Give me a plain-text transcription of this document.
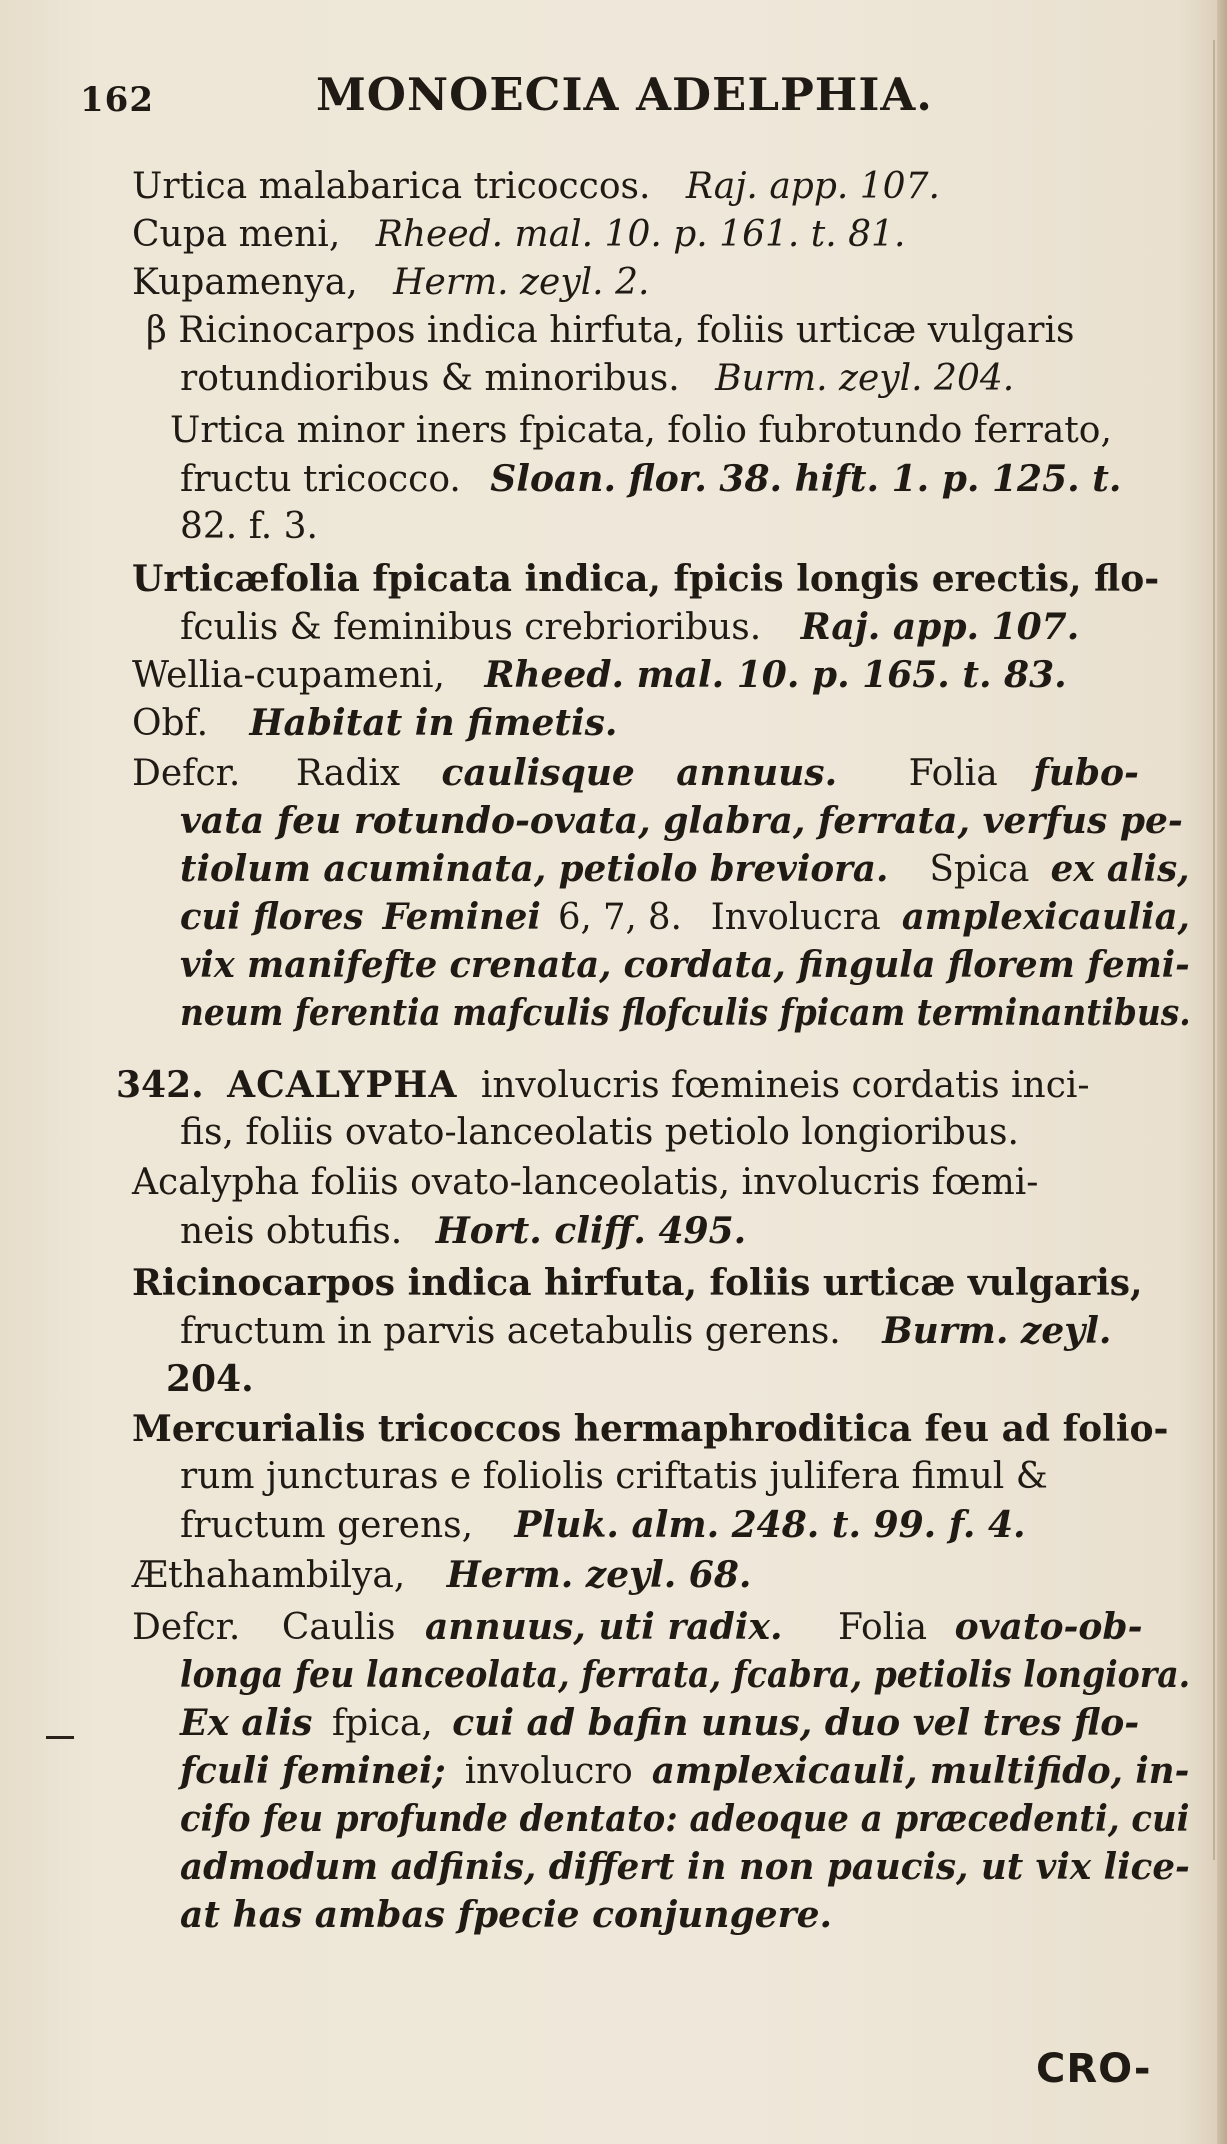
162	MONOECIA ADELPHIA.
Urtica malabarica tricoccos. Raj. app. 107.
Cupa meni, Rheed. mal. 10. p. 161. t. 81.
Kupamenya, Herm. zeyl. 2.
β Ricinocarpos indica hirfuta, foliis urticæ vulgaris
rotundioribus & minoribus. Burm. zeyl. 204.
Urtica minor iners fpicata, folio fubrotundo ferrato,
fructu tricocco. Sloan. flor. 38. hift. 1. p. 125. t.
82. f. 3.
Urticæfolia fpicata indica, fpicis longis erectis, flo-
fculis & feminibus crebrioribus. Raj. app. 107.
Wellia-cupameni, Rheed. mal. 10. p. 165. t. 83.
Obf. Habitat in fimetis.
Defcr. Radix caulisque annuus. Folia fubo-
vata feu rotundo-ovata, glabra, ferrata, verfus pe-
tiolum acuminata, petiolo breviora. Spica ex alis,
cui flores Feminei 6, 7, 8. Involucra amplexicaulia,
vix manifefte crenata, cordata, fingula florem femi-
neum ferentia mafculis flofculis fpicam terminantibus.
342. ACALYPHA involucris fœmineis cordatis inci-
fis, foliis ovato-lanceolatis petiolo longioribus.
Acalypha foliis ovato-lanceolatis, involucris fœmi-
neis obtufis. Hort. cliff. 495.
Ricinocarpos indica hirfuta, foliis urticæ vulgaris,
fructum in parvis acetabulis gerens. Burm. zeyl.
204.
Mercurialis tricoccos hermaphroditica feu ad folio-
rum juncturas e foliolis criftatis julifera fimul &
fructum gerens, Pluk. alm. 248. t. 99. f. 4.
Æthahambilya, Herm. zeyl. 68.
Defcr. Caulis annuus, uti radix. Folia ovato-ob-
longa feu lanceolata, ferrata, fcabra, petiolis longiora.
Ex alis fpica, cui ad bafin unus, duo vel tres flo-
fculi feminei; involucro amplexicauli, multifido, in-
cifo feu profunde dentato: adeoque a præcedenti, cui
admodum adfinis, differt in non paucis, ut vix lice-
at has ambas fpecie conjungere.
CRO-
